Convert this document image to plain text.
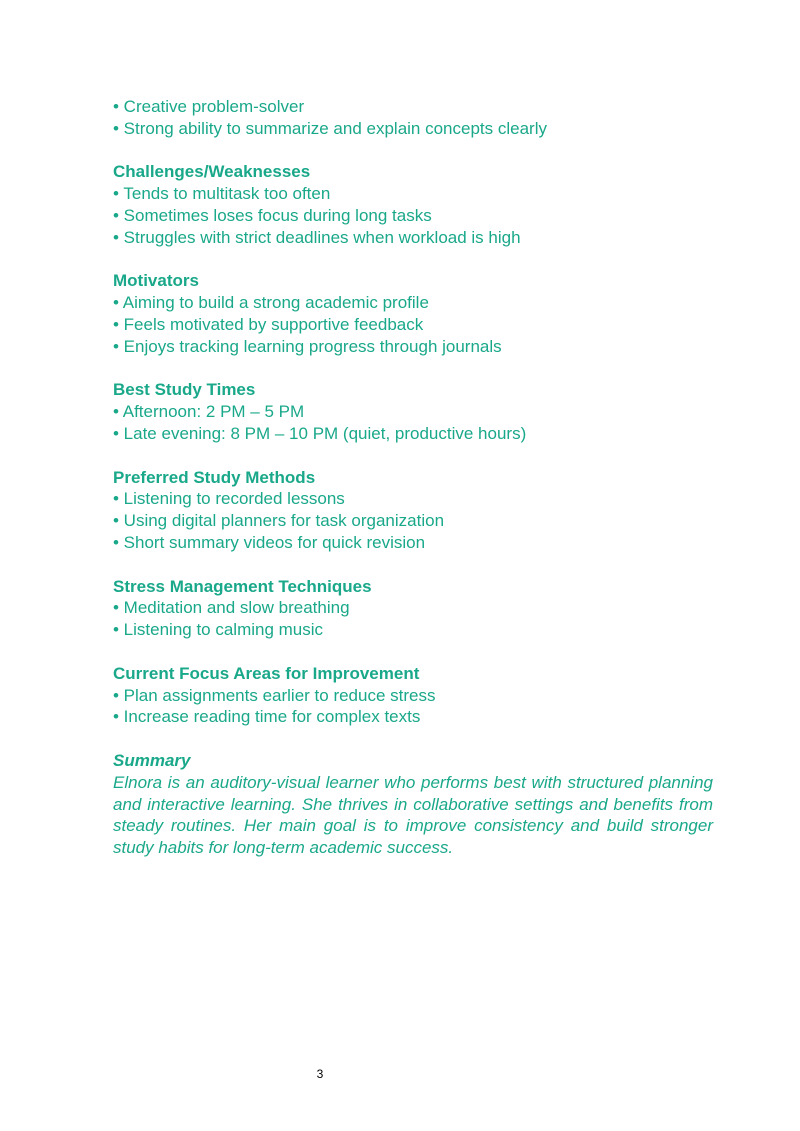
• Creative problem-solver
• Strong ability to summarize and explain concepts clearly

Challenges/Weaknesses

• Tends to multitask too often
• Sometimes loses focus during long tasks
• Struggles with strict deadlines when workload is high

Motivators

• Aiming to build a strong academic profile
• Feels motivated by supportive feedback
• Enjoys tracking learning progress through journals

Best Study Times

• Afternoon: 2 PM – 5 PM
• Late evening: 8 PM – 10 PM (quiet, productive hours)

Preferred Study Methods

• Listening to recorded lessons
• Using digital planners for task organization
• Short summary videos for quick revision

Stress Management Techniques

• Meditation and slow breathing
• Listening to calming music

Current Focus Areas for Improvement

• Plan assignments earlier to reduce stress
• Increase reading time for complex texts

Summary

Elnora is an auditory-visual learner who performs best with structured planning and interactive learning. She thrives in collaborative settings and benefits from steady routines. Her main goal is to improve consistency and build stronger study habits for long-term academic success.

3
